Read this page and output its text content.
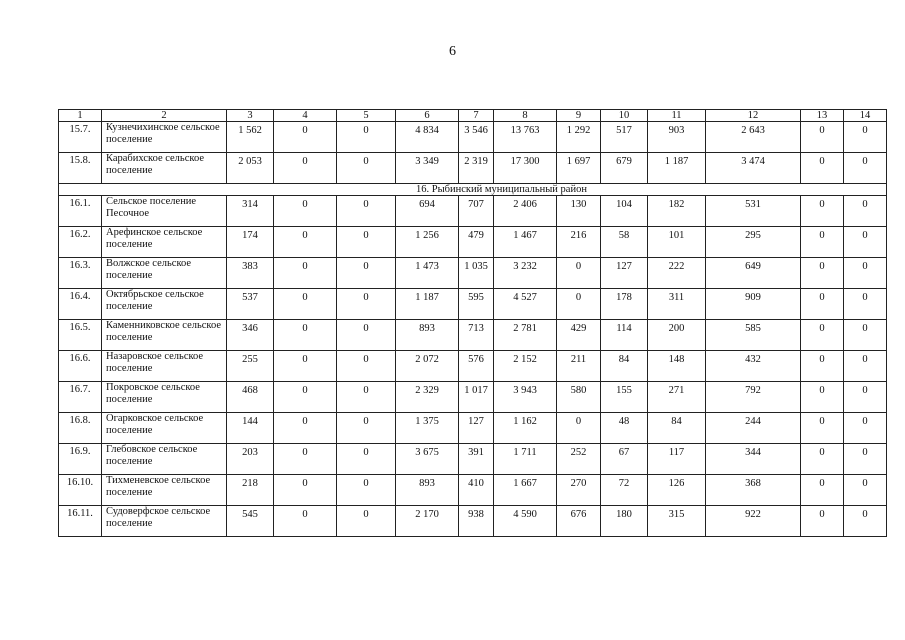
6
1	2	3	4	5	6	7	8	9	10	11	12	13	14
15.7.	Кузнечихинское сельское поселение	1 562	0	0	4 834	3 546	13 763	1 292	517	903	2 643	0	0
15.8.	Карабихское сельское поселение	2 053	0	0	3 349	2 319	17 300	1 697	679	1 187	3 474	0	0
16. Рыбинский муниципальный район													
16.1.	Сельское поселение Песочное	314	0	0	694	707	2 406	130	104	182	531	0	0
16.2.	Арефинское сельское поселение	174	0	0	1 256	479	1 467	216	58	101	295	0	0
16.3.	Волжское сельское поселение	383	0	0	1 473	1 035	3 232	0	127	222	649	0	0
16.4.	Октябрьское сельское поселение	537	0	0	1 187	595	4 527	0	178	311	909	0	0
16.5.	Каменниковское сельское поселение	346	0	0	893	713	2 781	429	114	200	585	0	0
16.6.	Назаровское сельское поселение	255	0	0	2 072	576	2 152	211	84	148	432	0	0
16.7.	Покровское сельское поселение	468	0	0	2 329	1 017	3 943	580	155	271	792	0	0
16.8.	Огарковское сельское поселение	144	0	0	1 375	127	1 162	0	48	84	244	0	0
16.9.	Глебовское сельское поселение	203	0	0	3 675	391	1 711	252	67	117	344	0	0
16.10.	Тихменевское сельское поселение	218	0	0	893	410	1 667	270	72	126	368	0	0
16.11.	Судоверфское сельское поселение	545	0	0	2 170	938	4 590	676	180	315	922	0	0
